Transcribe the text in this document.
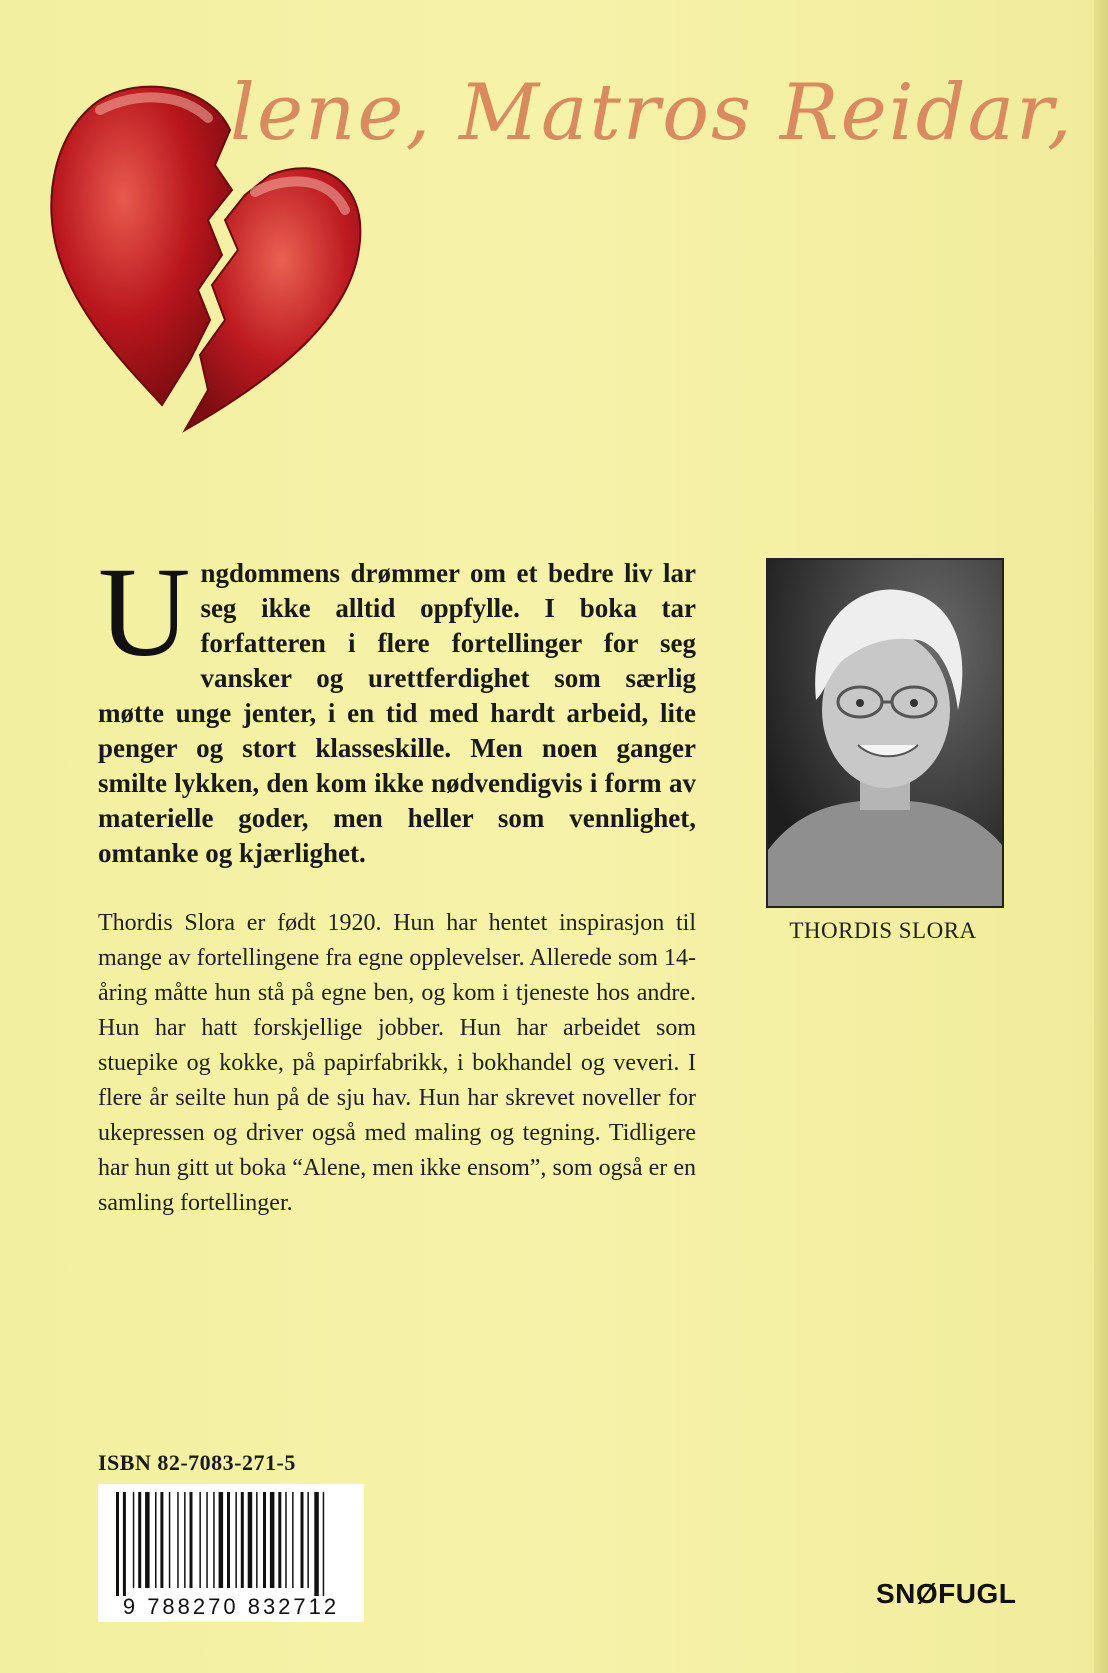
lene, Matros Reidar,
Ungdommens drømmer om et bedre liv lar seg ikke alltid oppfylle. I boka tar forfatteren i flere fortellinger for seg vansker og urettferdighet som særlig møtte unge jenter, i en tid med hardt arbeid, lite penger og stort klasseskille. Men noen ganger smilte lykken, den kom ikke nødvendigvis i form av materielle goder, men heller som vennlighet, omtanke og kjærlighet.
Thordis Slora er født 1920. Hun har hentet inspirasjon til mange av fortellingene fra egne opplevelser. Allerede som 14-åring måtte hun stå på egne ben, og kom i tjeneste hos andre. Hun har hatt forskjellige jobber. Hun har arbeidet som stuepike og kokke, på papirfabrikk, i bokhandel og veveri. I flere år seilte hun på de sju hav. Hun har skrevet noveller for ukepressen og driver også med maling og tegning. Tidligere har hun gitt ut boka “Alene, men ikke ensom”, som også er en samling fortellinger.
THORDIS SLORA
ISBN 82-7083-271-5
9 788270 832712	SNØFUGL
